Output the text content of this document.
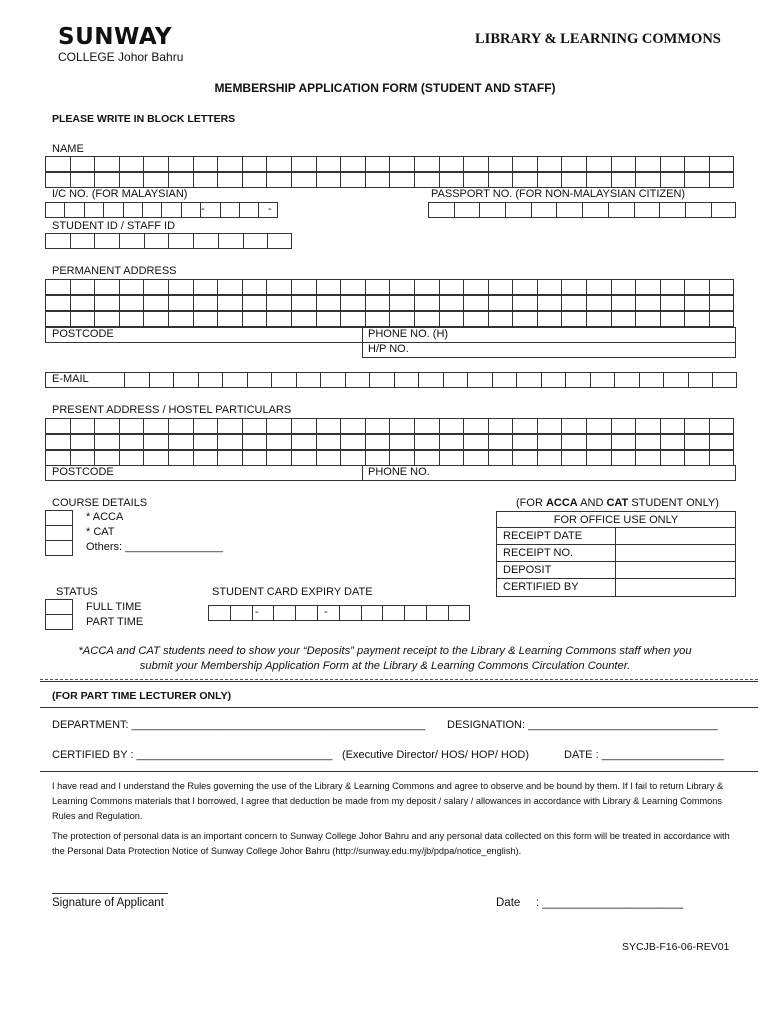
SUNWAY
COLLEGE Johor Bahru
LIBRARY & LEARNING COMMONS
MEMBERSHIP APPLICATION FORM (STUDENT AND STAFF)
PLEASE WRITE IN BLOCK LETTERS
NAME
I/C NO. (FOR MALAYSIAN)	PASSPORT NO. (FOR NON-MALAYSIAN CITIZEN)
-	-
STUDENT ID / STAFF ID
PERMANENT ADDRESS
POSTCODE	PHONE NO. (H)
H/P NO.
E-MAIL
PRESENT ADDRESS / HOSTEL PARTICULARS
POSTCODE	PHONE NO.
COURSE DETAILS
* ACCA
* CAT
Others: ________________
(FOR ACCA AND CAT STUDENT ONLY)
FOR OFFICE USE ONLY
RECEIPT DATE
RECEIPT NO.
DEPOSIT
CERTIFIED BY
STATUS
FULL TIME
PART TIME
STUDENT CARD EXPIRY DATE
-	-
*ACCA and CAT students need to show your “Deposits” payment receipt to the Library & Learning Commons staff when you
submit your Membership Application Form at the Library & Learning Commons Circulation Counter.
(FOR PART TIME LECTURER ONLY)
DEPARTMENT: ________________________________________________ DESIGNATION: _______________________________
CERTIFIED BY : ________________________________ (Executive Director/ HOS/ HOP/ HOD)	DATE : ____________________
I have read and I understand the Rules governing the use of the Library & Learning Commons and agree to observe and be bound by them. If I fail to return Library & Learning Commons materials that I borrowed, I agree that deduction be made from my deposit / salary / allowances in accordance with Library & Learning Commons Rules and Regulation.
The protection of personal data is an important concern to Sunway College Johor Bahru and any personal data collected on this form will be treated in accordance with the Personal Data Protection Notice of Sunway College Johor Bahru (http://sunway.edu.my/jb/pdpa/notice_english).
Signature of Applicant	Date : ______________________
SYCJB-F16-06-REV01
